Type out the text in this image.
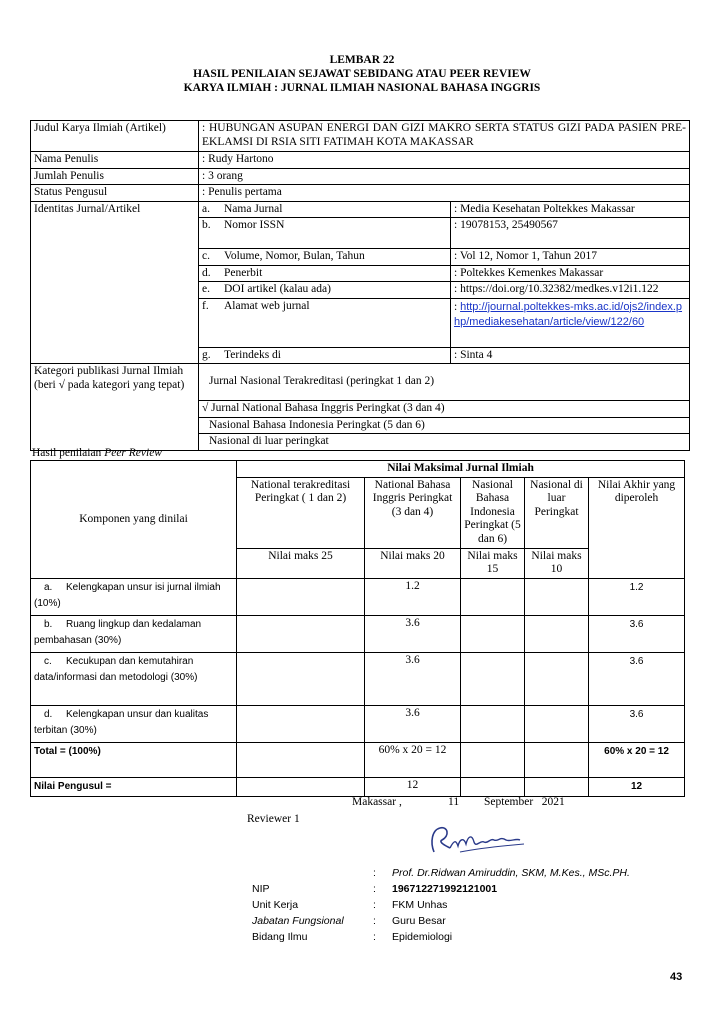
LEMBAR 22
HASIL PENILAIAN SEJAWAT SEBIDANG ATAU PEER REVIEW
KARYA ILMIAH : JURNAL ILMIAH NASIONAL BAHASA INGGRIS
Judul Karya Ilmiah (Artikel)	: HUBUNGAN ASUPAN ENERGI DAN GIZI MAKRO SERTA STATUS GIZI PADA PASIEN PRE-EKLAMSI DI RSIA SITI FATIMAH KOTA MAKASSAR	
Nama Penulis	: Rudy Hartono	
Jumlah Penulis	: 3 orang	
Status Pengusul	: Penulis pertama	
Identitas Jurnal/Artikel	a. Nama Jurnal	: Media Kesehatan Poltekkes Makassar
	b. Nomor ISSN	: 19078153, 25490567
	c. Volume, Nomor, Bulan, Tahun	: Vol 12, Nomor 1, Tahun 2017
	d. Penerbit	: Poltekkes Kemenkes Makassar
	e. DOI artikel (kalau ada)	: https://doi.org/10.32382/medkes.v12i1.122
	f. Alamat web jurnal	: http://journal.poltekkes-mks.ac.id/ojs2/index.php/mediakesehatan/article/view/122/60
	g. Terindeks di	: Sinta 4

Kategori publikasi Jurnal Ilmiah
(beri √ pada kategori yang tepat)	Jurnal Nasional Terakreditasi (peringkat 1 dan 2)	
	√ Jurnal National Bahasa Inggris Peringkat (3 dan 4)	
	Nasional Bahasa Indonesia Peringkat (5 dan 6)	
	Nasional di luar peringkat	
Hasil penilaian Peer Review
Komponen yang dinilai	Nilai Maksimal Jurnal Ilmiah				
	National terakreditasi Peringkat ( 1 dan 2)	National Bahasa Inggris Peringkat (3 dan 4)	Nasional Bahasa Indonesia Peringkat (5 dan 6)	Nasional di luar Peringkat	Nilai Akhir yang diperoleh
	Nilai maks 25	Nilai maks 20	Nilai maks 15	Nilai maks 10	
a. Kelengkapan unsur isi jurnal ilmiah (10%)		1.2			1.2
b. Ruang lingkup dan kedalaman pembahasan (30%)		3.6			3.6
c. Kecukupan dan kemutahiran data/informasi dan metodologi (30%)		3.6			3.6
d. Kelengkapan unsur dan kualitas terbitan (30%)		3.6			3.6
Total = (100%)		60% x 20 = 12			60% x 20 = 12
Nilai Pengusul =		12			12
Makassar ,	11 September   2021
Reviewer 1
: Prof. Dr.Ridwan Amiruddin, SKM, M.Kes., MSc.PH.
NIP	: 196712271992121001
Unit Kerja	: FKM Unhas
Jabatan Fungsional	: Guru Besar
Bidang Ilmu	: Epidemiologi
43
